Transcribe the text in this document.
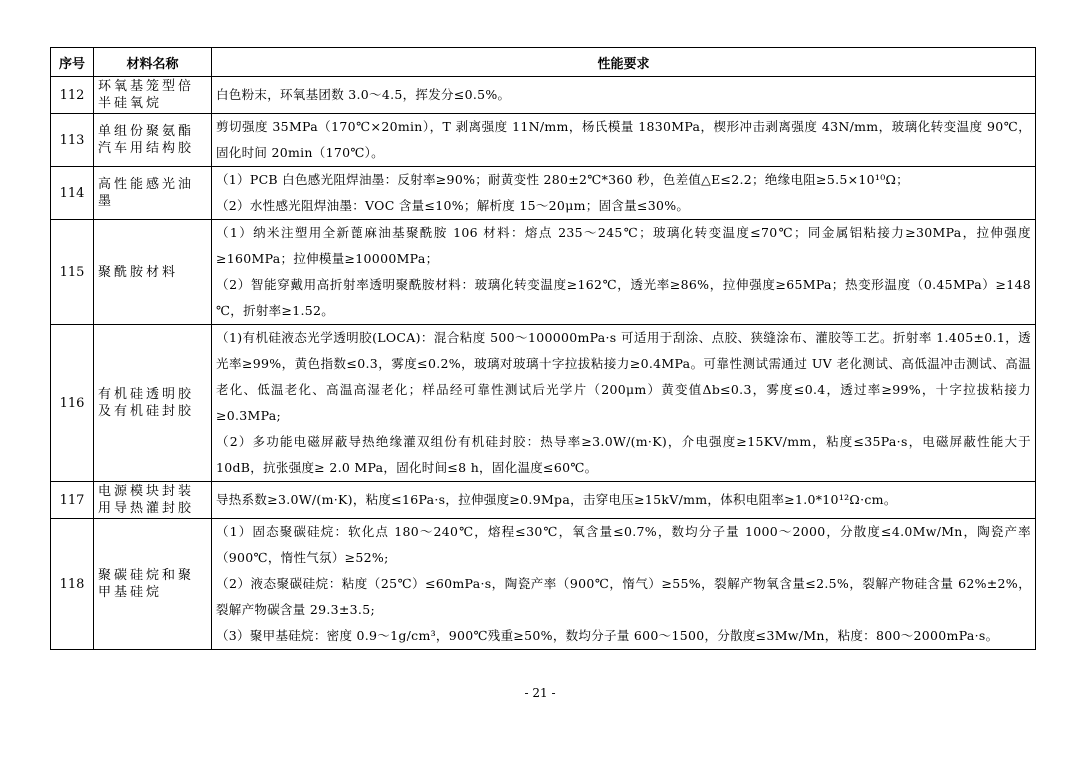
序号	材料名称	性能要求
112	环氧基笼型倍半硅氧烷	白色粉末，环氧基团数 3.0～4.5，挥发分≤0.5%。

113	单组份聚氨酯汽车用结构胶	剪切强度 35MPa（170℃×20min），T 剥离强度 11N/mm，杨氏模量 1830MPa，楔形冲击剥离强度 43N/mm，玻璃化转变温度 90℃，固化时间 20min（170℃）。

114	高性能感光油墨	（1）PCB 白色感光阻焊油墨：反射率≥90%；耐黄变性 280±2℃*360 秒，色差值△E≤2.2；绝缘电阻≥5.5×10¹⁰Ω；
（2）水性感光阻焊油墨：VOC 含量≤10%；解析度 15～20μm；固含量≤30%。

115	聚酰胺材料	（1）纳米注塑用全新蓖麻油基聚酰胺 106 材料：熔点 235～245℃；玻璃化转变温度≤70℃；同金属铝粘接力≥30MPa，拉伸强度≥160MPa；拉伸模量≥10000MPa；
（2）智能穿戴用高折射率透明聚酰胺材料：玻璃化转变温度≥162℃，透光率≥86%，拉伸强度≥65MPa；热变形温度（0.45MPa）≥148 ℃，折射率≥1.52。

116	有机硅透明胶及有机硅封胶	（1)有机硅液态光学透明胶(LOCA)：混合粘度 500～100000mPa·s 可适用于刮涂、点胶、狭缝涂布、灌胶等工艺。折射率 1.405±0.1，透光率≥99%，黄色指数≤0.3，雾度≤0.2%，玻璃对玻璃十字拉拔粘接力≥0.4MPa。可靠性测试需通过 UV 老化测试、高低温冲击测试、高温老化、低温老化、高温高湿老化；样品经可靠性测试后光学片（200μm）黄变值Δb≤0.3，雾度≤0.4，透过率≥99%，十字拉拔粘接力≥0.3MPa;
（2）多功能电磁屏蔽导热绝缘灌双组份有机硅封胶：热导率≥3.0W/(m·K)，介电强度≥15KV/mm，粘度≤35Pa·s，电磁屏蔽性能大于 10dB，抗张强度≥ 2.0 MPa，固化时间≤8 h，固化温度≤60℃。

117	电源模块封装用导热灌封胶	导热系数≥3.0W/(m·K)，粘度≤16Pa·s，拉伸强度≥0.9Mpa，击穿电压≥15kV/mm，体积电阻率≥1.0*10¹²Ω·cm。

118	聚碳硅烷和聚甲基硅烷	（1）固态聚碳硅烷：软化点 180～240℃，熔程≤30℃，氧含量≤0.7%，数均分子量 1000～2000，分散度≤4.0Mw/Mn，陶瓷产率（900℃，惰性气氛）≥52%;
（2）液态聚碳硅烷：粘度（25℃）≤60mPa·s，陶瓷产率（900℃，惰气）≥55%，裂解产物氧含量≤2.5%，裂解产物硅含量 62%±2%，裂解产物碳含量 29.3±3.5;
（3）聚甲基硅烷：密度 0.9～1g/cm³，900℃残重≥50%，数均分子量 600～1500，分散度≤3Mw/Mn，粘度：800～2000mPa·s。
- 21 -
